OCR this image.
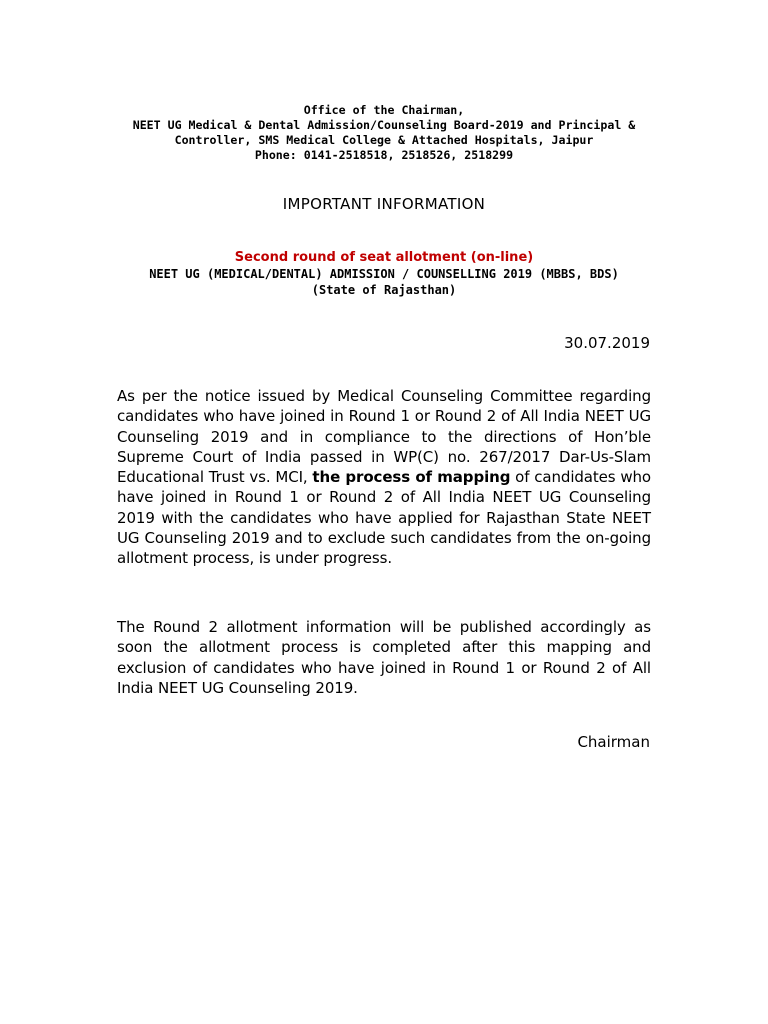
Office of the Chairman,
NEET UG Medical & Dental Admission/Counseling Board-2019 and Principal &
Controller, SMS Medical College & Attached Hospitals, Jaipur
Phone: 0141-2518518, 2518526, 2518299
IMPORTANT INFORMATION
Second round of seat allotment (on-line)
NEET UG (MEDICAL/DENTAL) ADMISSION / COUNSELLING 2019 (MBBS, BDS)
(State of Rajasthan)
30.07.2019
As per the notice issued by Medical Counseling Committee regarding candidates who have joined in Round 1 or Round 2 of All India NEET UG Counseling 2019 and in compliance to the directions of Hon’ble Supreme Court of India passed in WP(C) no. 267/2017 Dar-Us-Slam Educational Trust vs. MCI, the process of mapping of candidates who have joined in Round 1 or Round 2 of All India NEET UG Counseling 2019 with the candidates who have applied for Rajasthan State NEET UG Counseling 2019 and to exclude such candidates from the on-going allotment process, is under progress.
The Round 2 allotment information will be published accordingly as soon the allotment process is completed after this mapping and exclusion of candidates who have joined in Round 1 or Round 2 of All India NEET UG Counseling 2019.
Chairman
